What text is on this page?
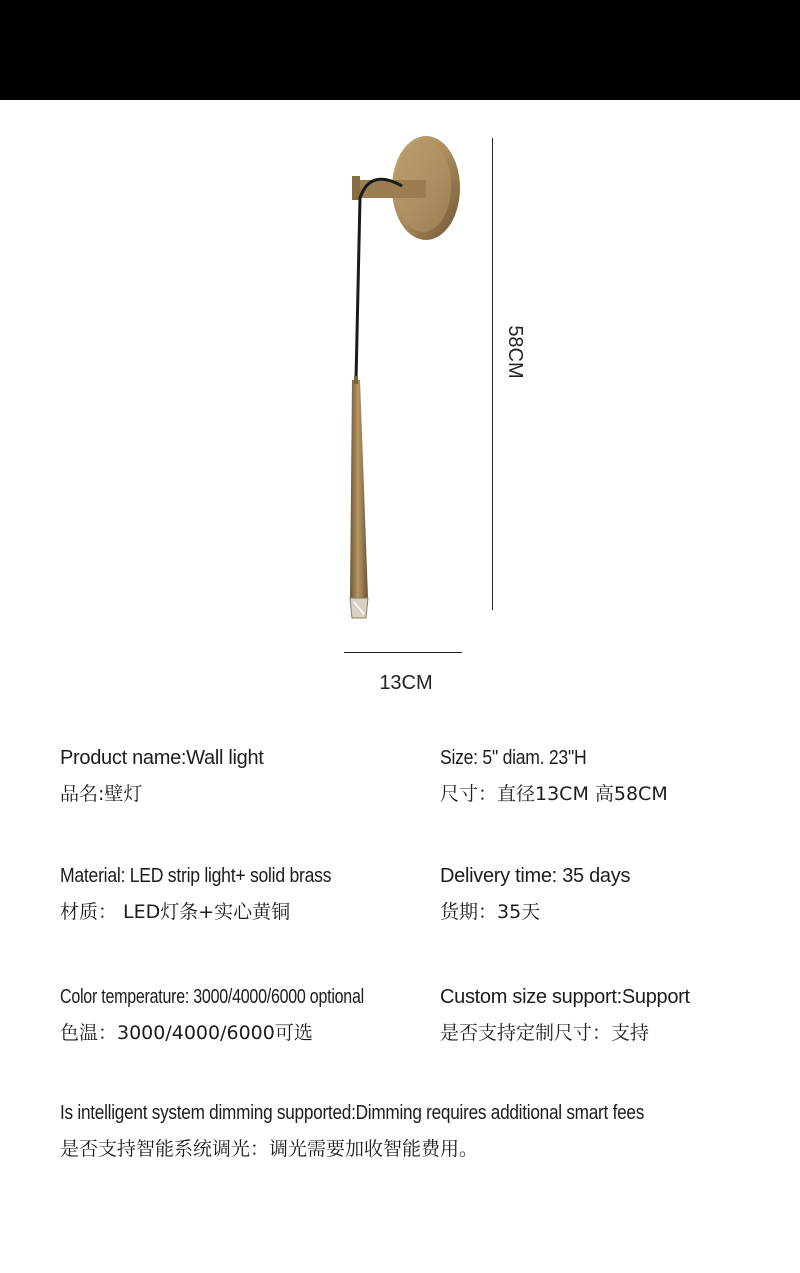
58CM
13CM
Product name:Wall light
品名:壁灯
Size: 5" diam. 23"H
尺寸：直径13CM 高58CM
Material: LED strip light+ solid brass
材质： LED灯条+实心黄铜
Delivery time: 35 days
货期：35天
Color temperature: 3000/4000/6000 optional
色温：3000/4000/6000可选
Custom size support:Support
是否支持定制尺寸：支持
Is intelligent system dimming supported:Dimming requires additional smart fees
是否支持智能系统调光：调光需要加收智能费用。
